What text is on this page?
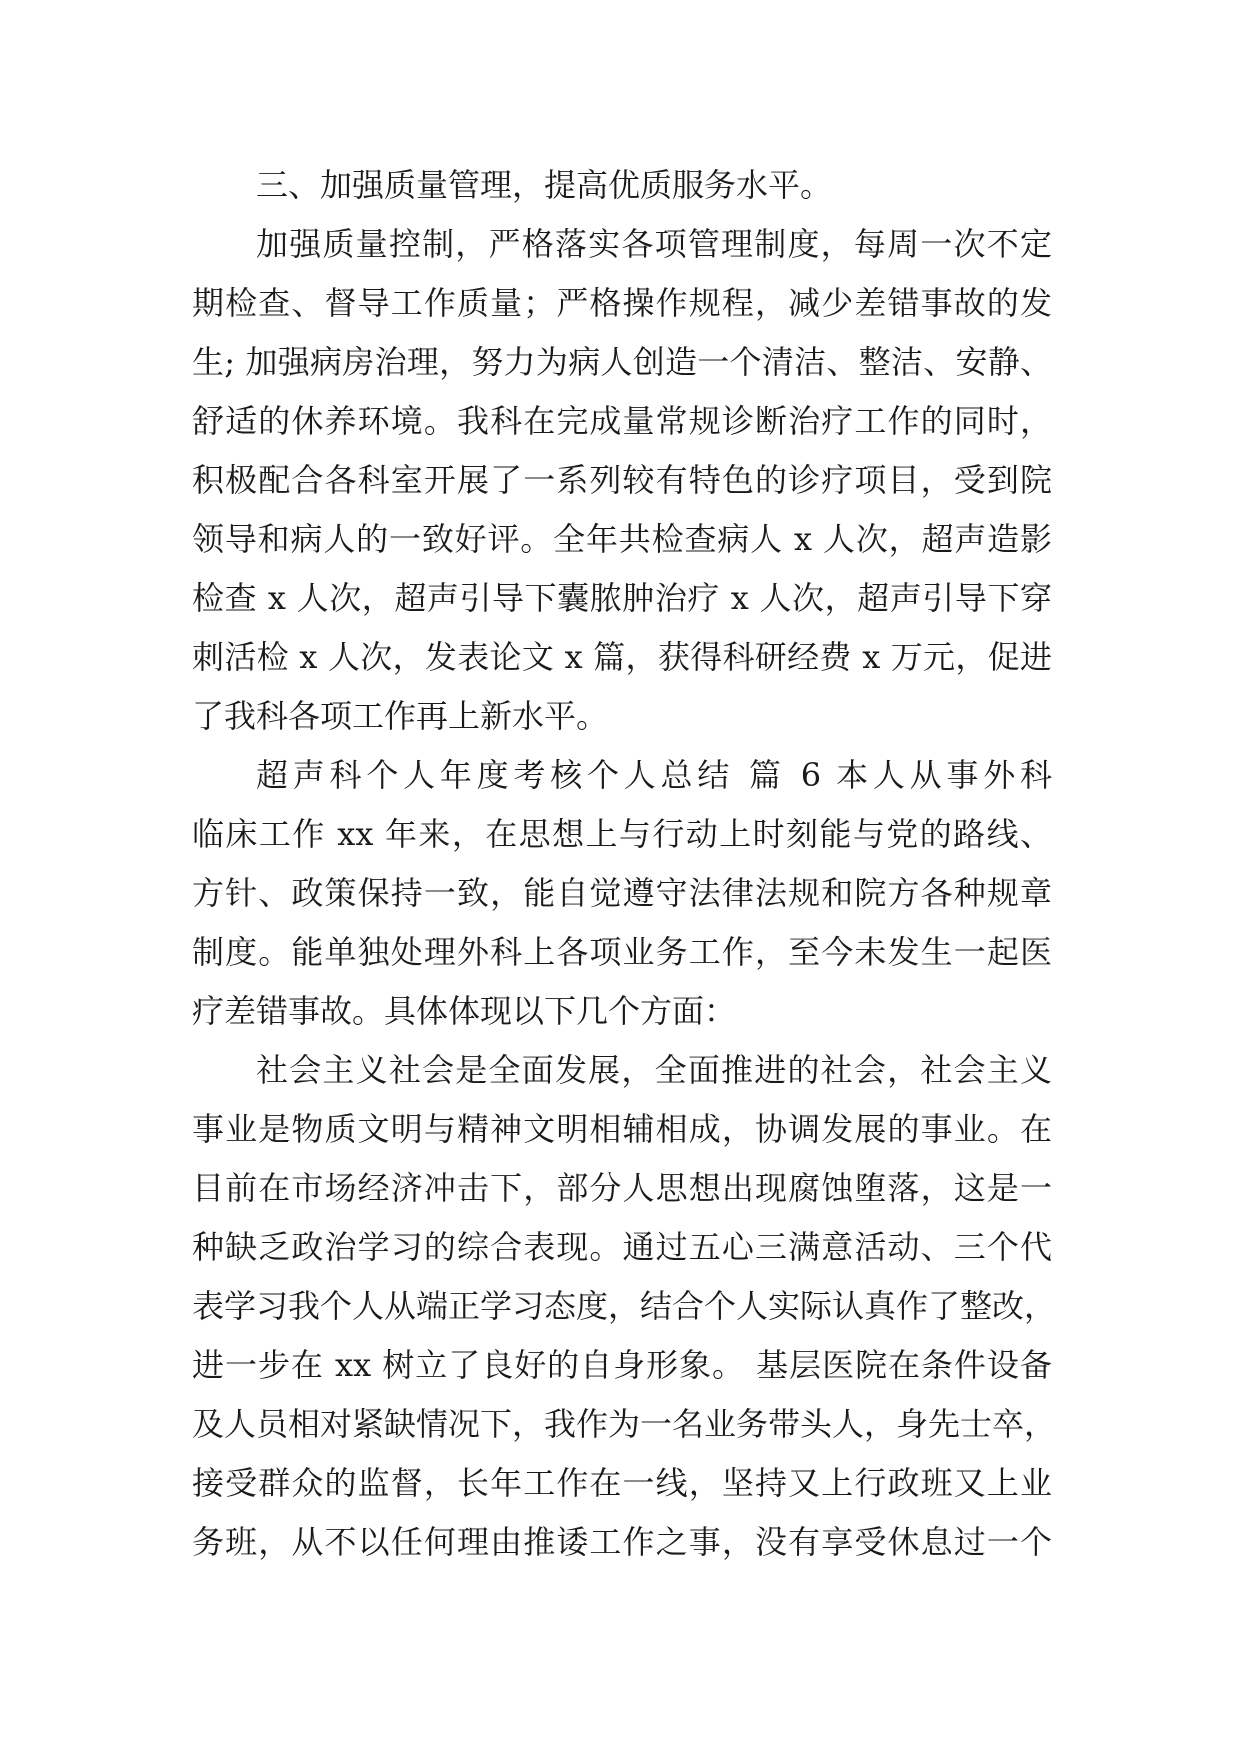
三、加强质量管理，提高优质服务水平。
加强质量控制，严格落实各项管理制度，每周一次不定
期检查、督导工作质量；严格操作规程，减少差错事故的发
生; 加强病房治理，努力为病人创造一个清洁、整洁、安静、
舒适的休养环境。我科在完成量常规诊断治疗工作的同时，
积极配合各科室开展了一系列较有特色的诊疗项目，受到院
领导和病人的一致好评。全年共检查病人 x 人次，超声造影
检查 x 人次，超声引导下囊脓肿治疗 x 人次，超声引导下穿
刺活检 x 人次，发表论文 x 篇，获得科研经费 x 万元，促进
了我科各项工作再上新水平。
超声科个人年度考核个人总结 篇 6 本人从事外科
临床工作 xx 年来，在思想上与行动上时刻能与党的路线、
方针、政策保持一致，能自觉遵守法律法规和院方各种规章
制度。能单独处理外科上各项业务工作，至今未发生一起医
疗差错事故。具体体现以下几个方面：
社会主义社会是全面发展，全面推进的社会，社会主义
事业是物质文明与精神文明相辅相成，协调发展的事业。在
目前在市场经济冲击下，部分人思想出现腐蚀堕落，这是一
种缺乏政治学习的综合表现。通过五心三满意活动、三个代
表学习我个人从端正学习态度，结合个人实际认真作了整改，
进一步在 xx 树立了良好的自身形象。 基层医院在条件设备
及人员相对紧缺情况下，我作为一名业务带头人，身先士卒，
接受群众的监督，长年工作在一线，坚持又上行政班又上业
务班，从不以任何理由推诿工作之事，没有享受休息过一个
